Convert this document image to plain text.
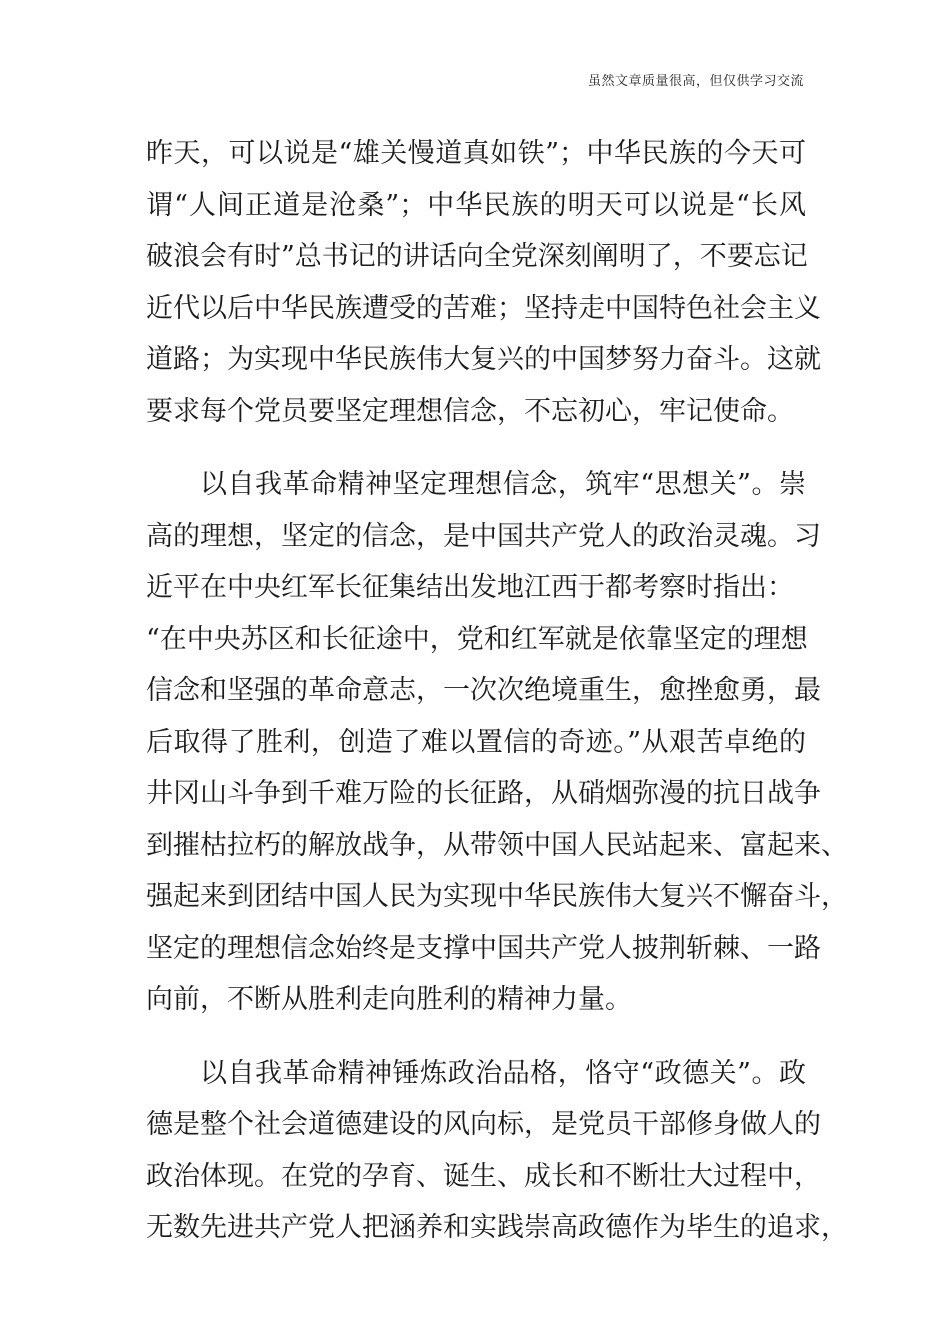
虽然文章质量很高，但仅供学习交流
昨天，可以说是“雄关慢道真如铁”；中华民族的今天可
谓“人间正道是沧桑”；中华民族的明天可以说是“长风
破浪会有时”总书记的讲话向全党深刻阐明了，不要忘记
近代以后中华民族遭受的苦难；坚持走中国特色社会主义
道路；为实现中华民族伟大复兴的中国梦努力奋斗。这就
要求每个党员要坚定理想信念，不忘初心，牢记使命。
以自我革命精神坚定理想信念，筑牢“思想关”。崇
高的理想，坚定的信念，是中国共产党人的政治灵魂。习
近平在中央红军长征集结出发地江西于都考察时指出：
“在中央苏区和长征途中，党和红军就是依靠坚定的理想
信念和坚强的革命意志，一次次绝境重生，愈挫愈勇，最
后取得了胜利，创造了难以置信的奇迹。”从艰苦卓绝的
井冈山斗争到千难万险的长征路，从硝烟弥漫的抗日战争
到摧枯拉朽的解放战争，从带领中国人民站起来、富起来、
强起来到团结中国人民为实现中华民族伟大复兴不懈奋斗，
坚定的理想信念始终是支撑中国共产党人披荆斩棘、一路
向前，不断从胜利走向胜利的精神力量。
以自我革命精神锤炼政治品格，恪守“政德关”。政
德是整个社会道德建设的风向标，是党员干部修身做人的
政治体现。在党的孕育、诞生、成长和不断壮大过程中，
无数先进共产党人把涵养和实践崇高政德作为毕生的追求，
